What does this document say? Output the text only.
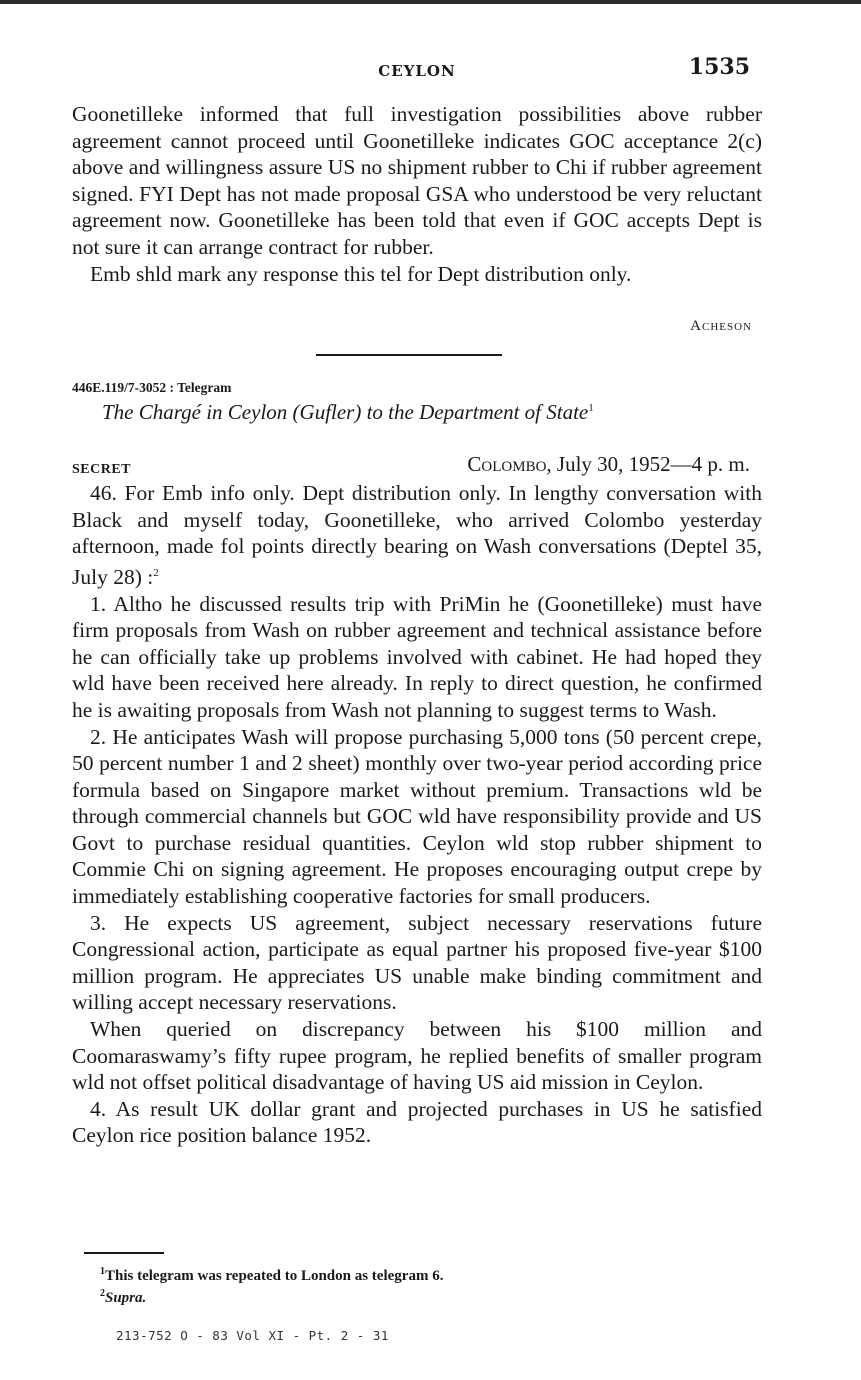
CEYLON	1535

Goonetilleke informed that full investigation possibilities above rubber agreement cannot proceed until Goonetilleke indicates GOC acceptance 2(c) above and willingness assure US no shipment rubber to Chi if rubber agreement signed. FYI Dept has not made proposal GSA who understood be very reluctant agreement now. Goonetilleke has been told that even if GOC accepts Dept is not sure it can arrange contract for rubber.

Emb shld mark any response this tel for Dept distribution only.

Acheson
446E.119/7-3052 : Telegram
The Chargé in Ceylon (Gufler) to the Department of State$^1$
SECRET	Colombo, July 30, 1952—4 p. m.

46. For Emb info only. Dept distribution only. In lengthy conversation with Black and myself today, Goonetilleke, who arrived Colombo yesterday afternoon, made fol points directly bearing on Wash conversations (Deptel 35, July 28) :$^2$

1. Altho he discussed results trip with PriMin he (Goonetilleke) must have firm proposals from Wash on rubber agreement and technical assistance before he can officially take up problems involved with cabinet. He had hoped they wld have been received here already. In reply to direct question, he confirmed he is awaiting proposals from Wash not planning to suggest terms to Wash.

2. He anticipates Wash will propose purchasing 5,000 tons (50 percent crepe, 50 percent number 1 and 2 sheet) monthly over two-year period according price formula based on Singapore market without premium. Transactions wld be through commercial channels but GOC wld have responsibility provide and US Govt to purchase residual quantities. Ceylon wld stop rubber shipment to Commie Chi on signing agreement. He proposes encouraging output crepe by immediately establishing cooperative factories for small producers.

3. He expects US agreement, subject necessary reservations future Congressional action, participate as equal partner his proposed five-year $100 million program. He appreciates US unable make binding commitment and willing accept necessary reservations.

When queried on discrepancy between his $100 million and Coomaraswamy’s fifty rupee program, he replied benefits of smaller program wld not offset political disadvantage of having US aid mission in Ceylon.

4. As result UK dollar grant and projected purchases in US he satisfied Ceylon rice position balance 1952.

$^1$This telegram was repeated to London as telegram 6.
$^2$Supra.
213-752 O - 83 Vol XI - Pt. 2 - 31
